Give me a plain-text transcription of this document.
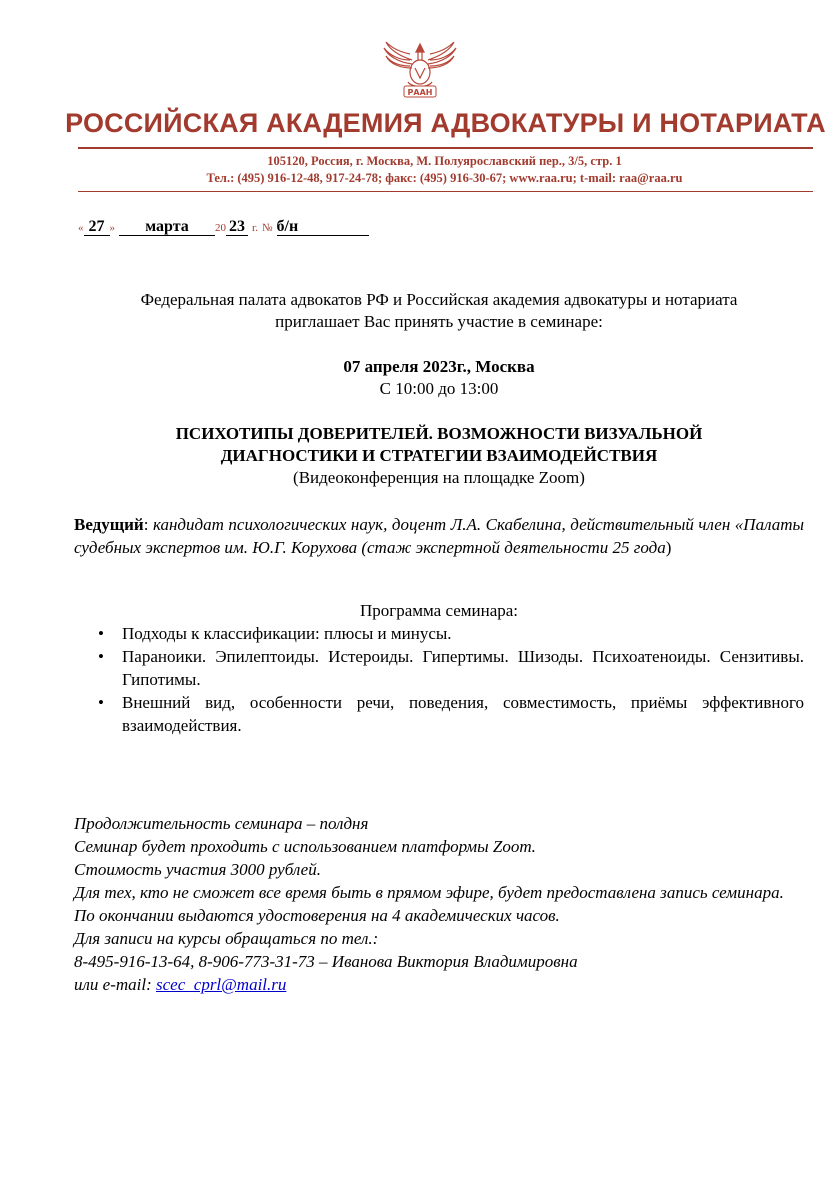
РААН
РОССИЙСКАЯ АКАДЕМИЯ АДВОКАТУРЫ И НОТАРИАТА
105120, Россия, г. Москва, М. Полуярославский пер., 3/5, стр. 1
Тел.: (495) 916-12-48, 917-24-78; факс: (495) 916-30-67; www.raa.ru; t-mail: raa@raa.ru
« 27 » марта 20 23 г. № б/н
Федеральная палата адвокатов РФ и Российская академия адвокатуры и нотариата
приглашает Вас принять участие в семинаре:
07 апреля 2023г., Москва
С 10:00 до 13:00
ПСИХОТИПЫ ДОВЕРИТЕЛЕЙ. ВОЗМОЖНОСТИ ВИЗУАЛЬНОЙ
ДИАГНОСТИКИ И СТРАТЕГИИ ВЗАИМОДЕЙСТВИЯ
(Видеоконференция на площадке Zoom)
Ведущий: кандидат психологических наук, доцент Л.А. Скабелина, действительный член «Палаты судебных экспертов им. Ю.Г. Корухова (стаж экспертной деятельности 25 года)
Программа семинара:
• Подходы к классификации: плюсы и минусы.
• Параноики. Эпилептоиды. Истероиды. Гипертимы. Шизоды. Психоатеноиды. Сензитивы. Гипотимы.
• Внешний вид, особенности речи, поведения, совместимость, приёмы эффективного взаимодействия.
Продолжительность семинара – полдня
Семинар будет проходить с использованием платформы Zoom.
Стоимость участия 3000 рублей.
Для тех, кто не сможет все время быть в прямом эфире, будет предоставлена запись семинара.
По окончании выдаются удостоверения на 4 академических часов.
Для записи на курсы обращаться по тел.:
8-495-916-13-64, 8-906-773-31-73 – Иванова Виктория Владимировна
или e-mail: scec_cprl@mail.ru
